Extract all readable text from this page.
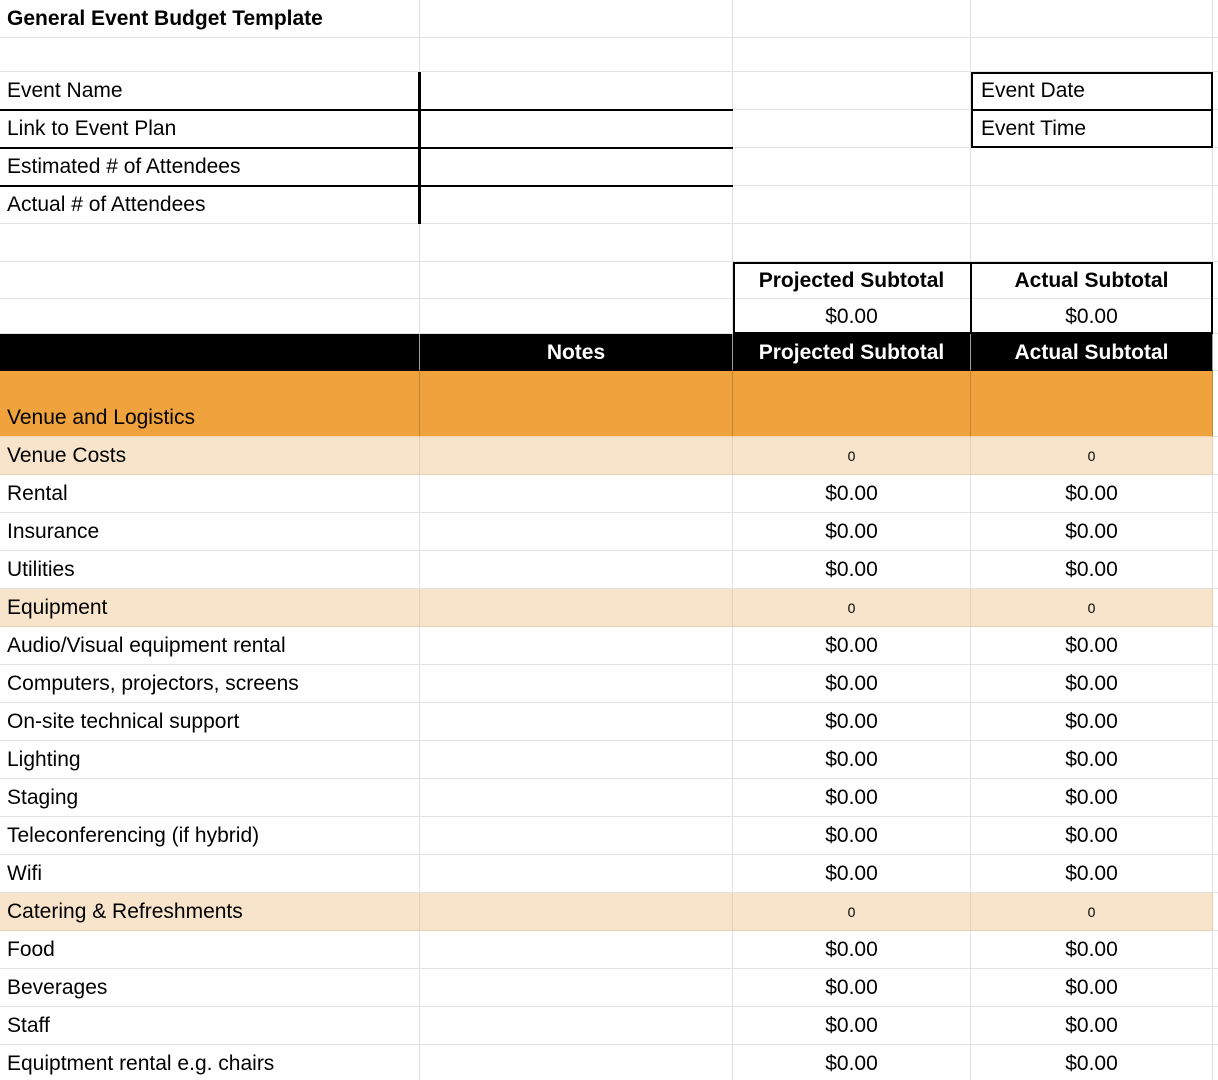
General Event Budget Template
Event Name	Event Date
Link to Event Plan	Event Time
Estimated # of Attendees
Actual # of Attendees
Projected Subtotal	Actual Subtotal
$0.00	$0.00
Notes	Projected Subtotal	Actual Subtotal
Venue and Logistics
Venue Costs	0	0
Rental	$0.00	$0.00
Insurance	$0.00	$0.00
Utilities	$0.00	$0.00
Equipment	0	0
Audio/Visual equipment rental	$0.00	$0.00
Computers, projectors, screens	$0.00	$0.00
On-site technical support	$0.00	$0.00
Lighting	$0.00	$0.00
Staging	$0.00	$0.00
Teleconferencing (if hybrid)	$0.00	$0.00
Wifi	$0.00	$0.00
Catering & Refreshments	0	0
Food	$0.00	$0.00
Beverages	$0.00	$0.00
Staff	$0.00	$0.00
Equiptment rental e.g. chairs	$0.00	$0.00
